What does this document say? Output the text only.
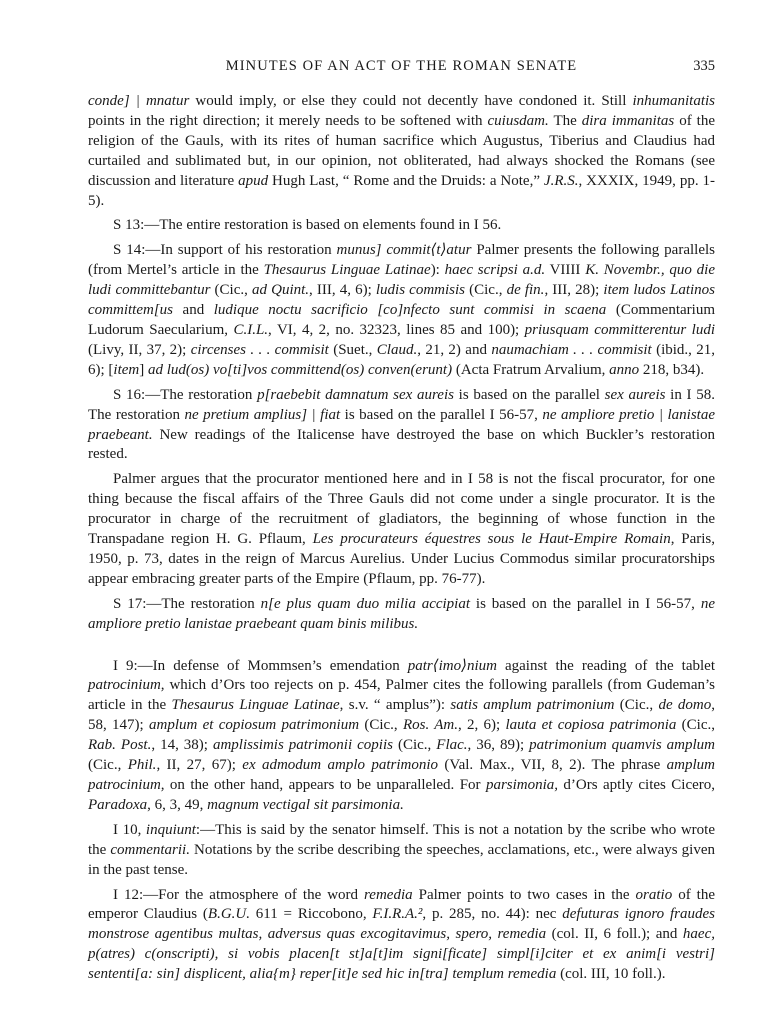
MINUTES OF AN ACT OF THE ROMAN SENATE	335

conde] | mnatur would imply, or else they could not decently have condoned it. Still inhumanitatis points in the right direction; it merely needs to be softened with cuiusdam. The dira immanitas of the religion of the Gauls, with its rites of human sacrifice which Augustus, Tiberius and Claudius had curtailed and sublimated but, in our opinion, not obliterated, had always shocked the Romans (see discussion and literature apud Hugh Last, “ Rome and the Druids: a Note,” J.R.S., XXXIX, 1949, pp. 1-5).

S 13:—The entire restoration is based on elements found in I 56.

S 14:—In support of his restoration munus] commit⟨t⟩atur Palmer presents the following parallels (from Mertel’s article in the Thesaurus Linguae Latinae): haec scripsi a.d. VIIII K. Novembr., quo die ludi committebantur (Cic., ad Quint., III, 4, 6); ludis commisis (Cic., de fin., III, 28); item ludos Latinos committem[us and ludique noctu sacrificio [co]nfecto sunt commisi in scaena (Commentarium Ludorum Saecularium, C.I.L., VI, 4, 2, no. 32323, lines 85 and 100); priusquam committerentur ludi (Livy, II, 37, 2); circenses . . . commisit (Suet., Claud., 21, 2) and naumachiam . . . commisit (ibid., 21, 6); [item] ad lud(os) vo[ti]vos committend(os) conven(erunt) (Acta Fratrum Arvalium, anno 218, b34).

S 16:—The restoration p[raebebit damnatum sex aureis is based on the parallel sex aureis in I 58. The restoration ne pretium amplius] | fiat is based on the parallel I 56-57, ne ampliore pretio | lanistae praebeant. New readings of the Italicense have destroyed the base on which Buckler’s restoration rested.

Palmer argues that the procurator mentioned here and in I 58 is not the fiscal procurator, for one thing because the fiscal affairs of the Three Gauls did not come under a single procurator. It is the procurator in charge of the recruitment of gladiators, the beginning of whose function in the Transpadane region H. G. Pflaum, Les procurateurs équestres sous le Haut-Empire Romain, Paris, 1950, p. 73, dates in the reign of Marcus Aurelius. Under Lucius Commodus similar procuratorships appear embracing greater parts of the Empire (Pflaum, pp. 76-77).

S 17:—The restoration n[e plus quam duo milia accipiat is based on the parallel in I 56-57, ne ampliore pretio lanistae praebeant quam binis milibus.

I 9:—In defense of Mommsen’s emendation patr⟨imo⟩nium against the reading of the tablet patrocinium, which d’Ors too rejects on p. 454, Palmer cites the following parallels (from Gudeman’s article in the Thesaurus Linguae Latinae, s.v. “ amplus”): satis amplum patrimonium (Cic., de domo, 58, 147); amplum et copiosum patrimonium (Cic., Ros. Am., 2, 6); lauta et copiosa patrimonia (Cic., Rab. Post., 14, 38); amplissimis patrimonii copiis (Cic., Flac., 36, 89); patrimonium quamvis amplum (Cic., Phil., II, 27, 67); ex admodum amplo patrimonio (Val. Max., VII, 8, 2). The phrase amplum patrocinium, on the other hand, appears to be unparalleled. For parsimonia, d’Ors aptly cites Cicero, Paradoxa, 6, 3, 49, magnum vectigal sit parsimonia.

I 10, inquiunt:—This is said by the senator himself. This is not a notation by the scribe who wrote the commentarii. Notations by the scribe describing the speeches, acclamations, etc., were always given in the past tense.

I 12:—For the atmosphere of the word remedia Palmer points to two cases in the oratio of the emperor Claudius (B.G.U. 611 = Riccobono, F.I.R.A.², p. 285, no. 44): nec defuturas ignoro fraudes monstrose agentibus multas, adversus quas excogitavimus, spero, remedia (col. II, 6 foll.); and haec, p(atres) c(onscripti), si vobis placen[t st]a[t]im signi[ficate] simpl[i]citer et ex anim[i vestri] sententi[a: sin] displicent, alia{m} reper[it]e sed hic in[tra] templum remedia (col. III, 10 foll.).
